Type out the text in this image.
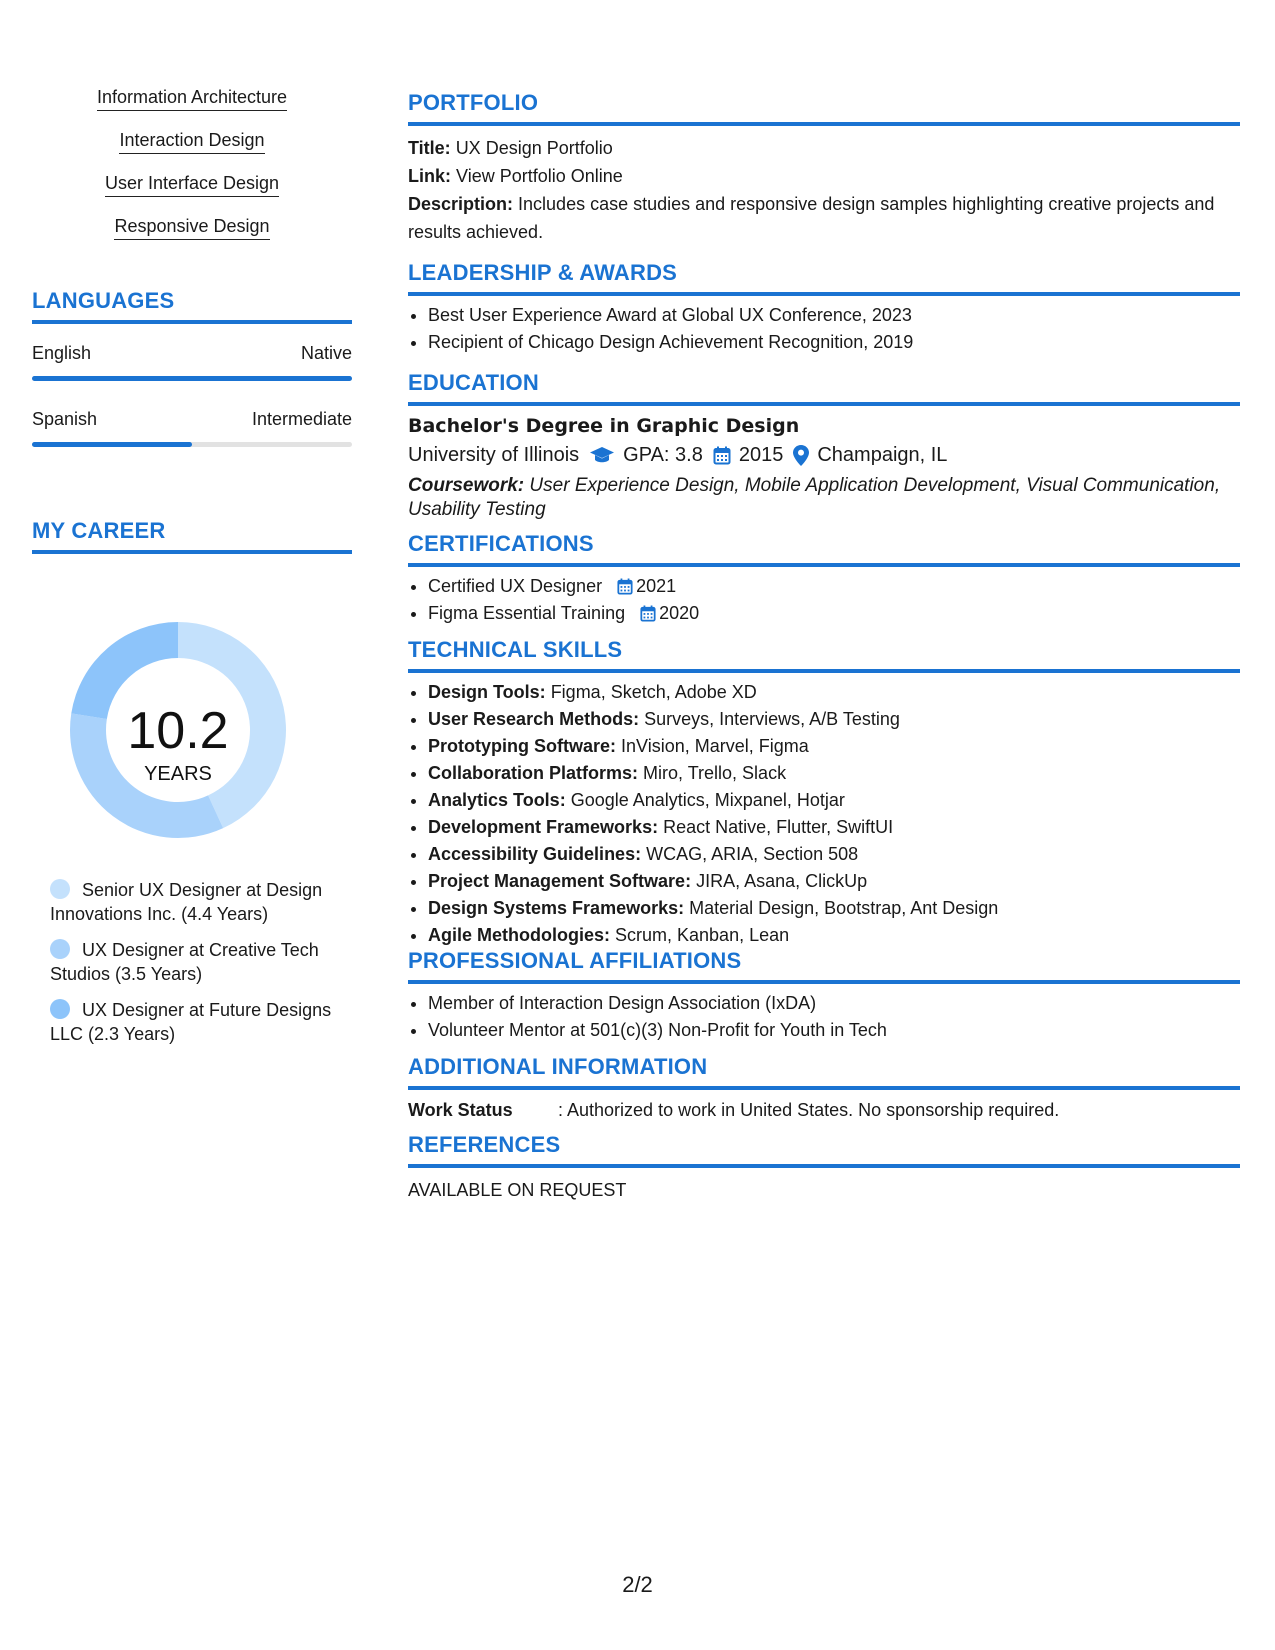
Information Architecture
Interaction Design
User Interface Design
Responsive Design
LANGUAGES
English	Native
Spanish	Intermediate
MY CAREER
10.2
YEARS
Senior UX Designer at Design Innovations Inc. (4.4 Years)
UX Designer at Creative Tech Studios (3.5 Years)
UX Designer at Future Designs LLC (2.3 Years)
PORTFOLIO
Title: UX Design Portfolio
Link: View Portfolio Online
Description: Includes case studies and responsive design samples highlighting creative projects and results achieved.
LEADERSHIP & AWARDS
• Best User Experience Award at Global UX Conference, 2023
• Recipient of Chicago Design Achievement Recognition, 2019
EDUCATION
Bachelor's Degree in Graphic Design
University of Illinois GPA: 3.8 2015 Champaign, IL
Coursework: User Experience Design, Mobile Application Development, Visual Communication, Usability Testing
CERTIFICATIONS
• Certified UX Designer 2021
• Figma Essential Training 2020
TECHNICAL SKILLS
• Design Tools: Figma, Sketch, Adobe XD
• User Research Methods: Surveys, Interviews, A/B Testing
• Prototyping Software: InVision, Marvel, Figma
• Collaboration Platforms: Miro, Trello, Slack
• Analytics Tools: Google Analytics, Mixpanel, Hotjar
• Development Frameworks: React Native, Flutter, SwiftUI
• Accessibility Guidelines: WCAG, ARIA, Section 508
• Project Management Software: JIRA, Asana, ClickUp
• Design Systems Frameworks: Material Design, Bootstrap, Ant Design
• Agile Methodologies: Scrum, Kanban, Lean
PROFESSIONAL AFFILIATIONS
• Member of Interaction Design Association (IxDA)
• Volunteer Mentor at 501(c)(3) Non-Profit for Youth in Tech
ADDITIONAL INFORMATION
Work Status	: Authorized to work in United States. No sponsorship required.
REFERENCES
AVAILABLE ON REQUEST
2/2
